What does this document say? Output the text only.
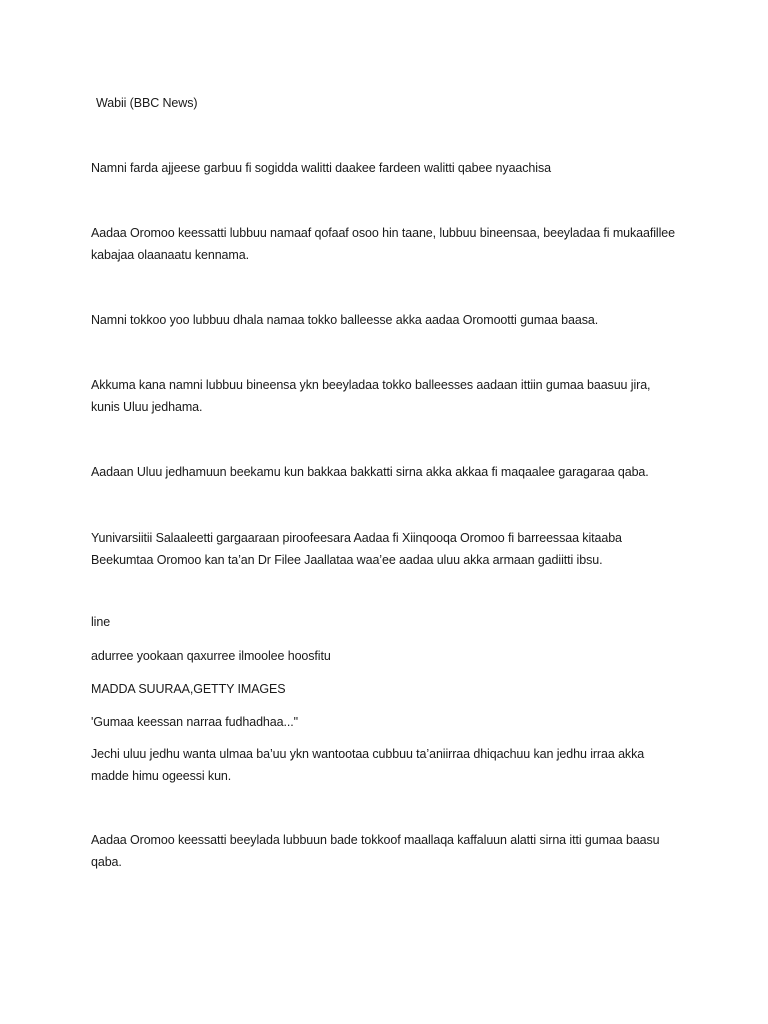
Wabii (BBC News)

Namni farda ajjeese garbuu fi sogidda walitti daakee fardeen walitti qabee nyaachisa

Aadaa Oromoo keessatti lubbuu namaaf qofaaf osoo hin taane, lubbuu bineensaa, beeyladaa fi mukaafillee kabajaa olaanaatu kennama.

Namni tokkoo yoo lubbuu dhala namaa tokko balleesse akka aadaa Oromootti gumaa baasa.

Akkuma kana namni lubbuu bineensa ykn beeyladaa tokko balleesses aadaan ittiin gumaa baasuu jira, kunis Uluu jedhama.

Aadaan Uluu jedhamuun beekamu kun bakkaa bakkatti sirna akka akkaa fi maqaalee garagaraa qaba.

Yunivarsiitii Salaaleetti gargaaraan piroofeesara Aadaa fi Xiinqooqa Oromoo fi barreessaa kitaaba Beekumtaa Oromoo kan ta’an Dr Filee Jaallataa waa’ee aadaa uluu akka armaan gadiitti ibsu.

line

adurree yookaan qaxurree ilmoolee hoosfitu

MADDA SUURAA,GETTY IMAGES

'Gumaa keessan narraa fudhadhaa..."

Jechi uluu jedhu wanta ulmaa ba’uu ykn wantootaa cubbuu ta’aniirraa dhiqachuu kan jedhu irraa akka madde himu ogeessi kun.

Aadaa Oromoo keessatti beeylada lubbuun bade tokkoof maallaqa kaffaluun alatti sirna itti gumaa baasu qaba.
